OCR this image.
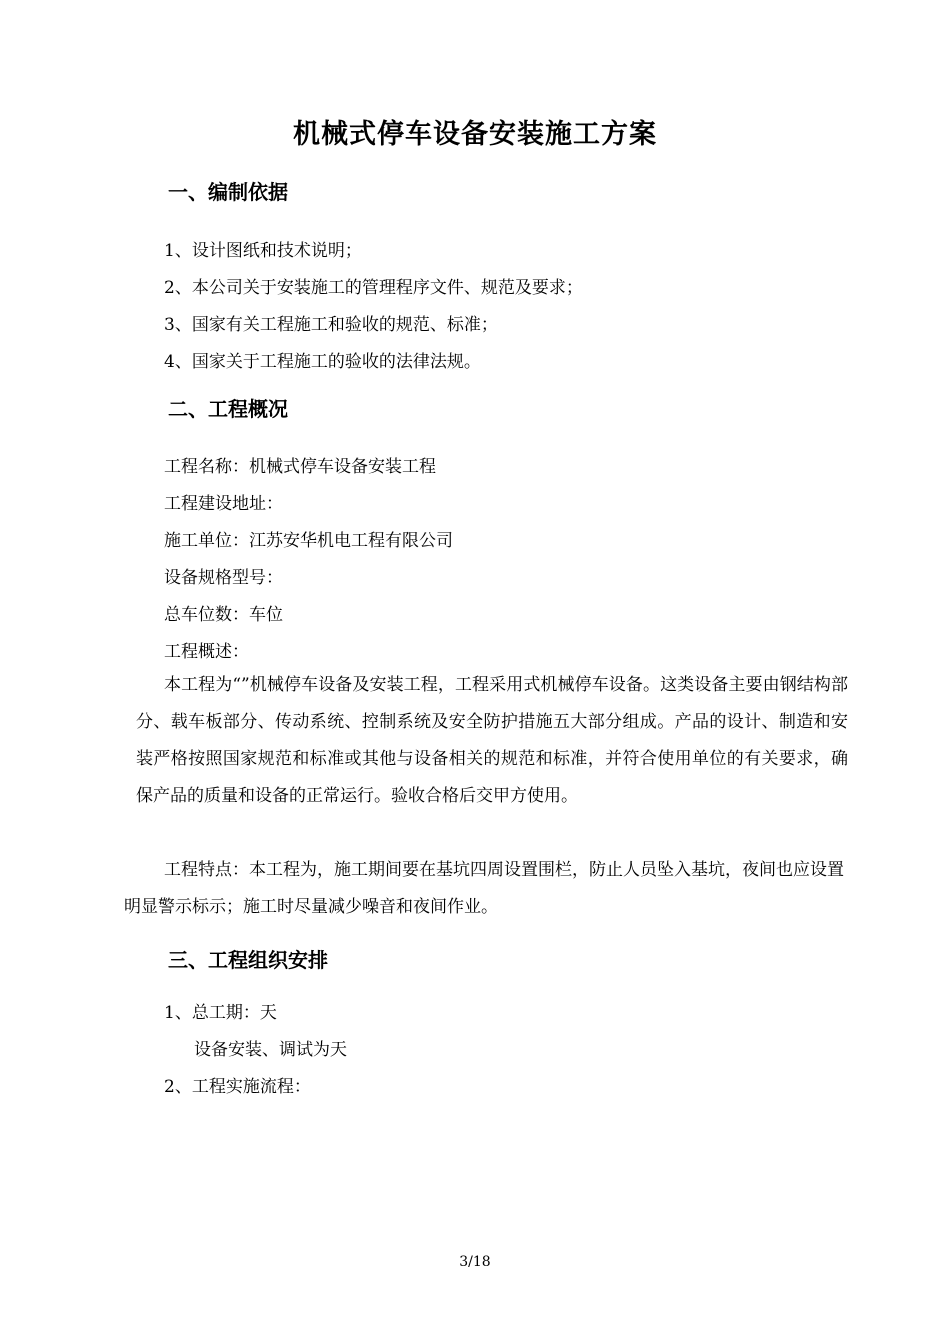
机械式停车设备安装施工方案
一、编制依据
1、设计图纸和技术说明；
2、本公司关于安装施工的管理程序文件、规范及要求；
3、国家有关工程施工和验收的规范、标准；
4、国家关于工程施工的验收的法律法规。
二、工程概况
工程名称：机械式停车设备安装工程
工程建设地址：
施工单位：江苏安华机电工程有限公司
设备规格型号：
总车位数：车位
工程概述：
本工程为“”机械停车设备及安装工程，工程采用式机械停车设备。这类设备主要由钢结构部分、载车板部分、传动系统、控制系统及安全防护措施五大部分组成。产品的设计、制造和安装严格按照国家规范和标准或其他与设备相关的规范和标准，并符合使用单位的有关要求，确保产品的质量和设备的正常运行。验收合格后交甲方使用。
工程特点：本工程为，施工期间要在基坑四周设置围栏，防止人员坠入基坑，夜间也应设置明显警示标示；施工时尽量减少噪音和夜间作业。
三、工程组织安排
1、总工期：天
设备安装、调试为天
2、工程实施流程：
3/18
